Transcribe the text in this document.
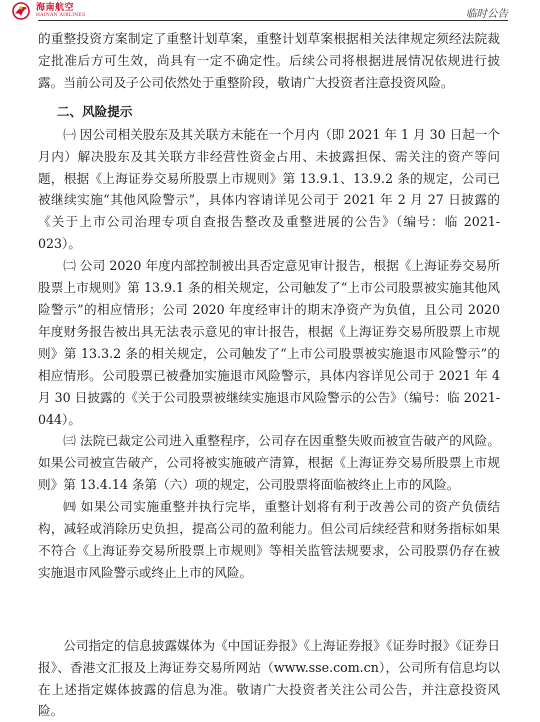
海南航空
HAINAN AIRLINES	临时公告

的重整投资方案制定了重整计划草案，重整计划草案根据相关法律规定须经法院裁定批准后方可生效，尚具有一定不确定性。后续公司将根据进展情况依规进行披露。当前公司及子公司依然处于重整阶段，敬请广大投资者注意投资风险。

二、风险提示

㈠ 因公司相关股东及其关联方未能在一个月内（即 2021 年 1 月 30 日起一个月内）解决股东及其关联方非经营性资金占用、未披露担保、需关注的资产等问题，根据《上海证券交易所股票上市规则》第 13.9.1、13.9.2 条的规定，公司已被继续实施“其他风险警示”，具体内容请详见公司于 2021 年 2 月 27 日披露的《关于上市公司治理专项自查报告整改及重整进展的公告》（编号：临 2021-023）。

㈡ 公司 2020 年度内部控制被出具否定意见审计报告，根据《上海证券交易所股票上市规则》第 13.9.1 条的相关规定，公司触发了“上市公司股票被实施其他风险警示”的相应情形；公司 2020 年度经审计的期末净资产为负值，且公司 2020 年度财务报告被出具无法表示意见的审计报告，根据《上海证券交易所股票上市规则》第 13.3.2 条的相关规定，公司触发了“上市公司股票被实施退市风险警示”的相应情形。公司股票已被叠加实施退市风险警示，具体内容详见公司于 2021 年 4 月 30 日披露的《关于公司股票被继续实施退市风险警示的公告》（编号：临 2021-044）。

㈢ 法院已裁定公司进入重整程序，公司存在因重整失败而被宣告破产的风险。如果公司被宣告破产，公司将被实施破产清算，根据《上海证券交易所股票上市规则》第 13.4.14 条第（六）项的规定，公司股票将面临被终止上市的风险。

㈣ 如果公司实施重整并执行完毕，重整计划将有利于改善公司的资产负债结构，减轻或消除历史负担，提高公司的盈利能力。但公司后续经营和财务指标如果不符合《上海证券交易所股票上市规则》等相关监管法规要求，公司股票仍存在被实施退市风险警示或终止上市的风险。

公司指定的信息披露媒体为《中国证券报》《上海证券报》《证券时报》《证券日报》、香港文汇报及上海证券交易所网站（www.sse.com.cn），公司所有信息均以在上述指定媒体披露的信息为准。敬请广大投资者关注公司公告，并注意投资风险。
